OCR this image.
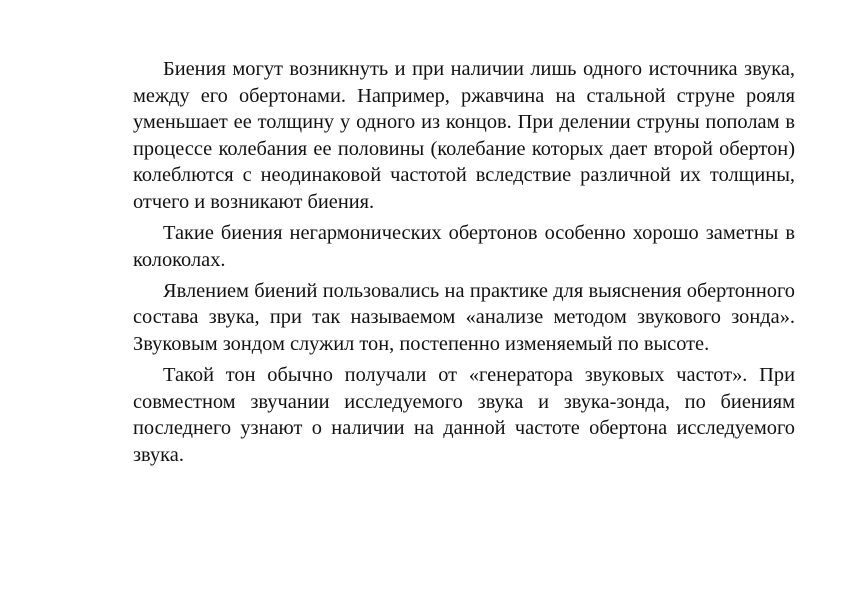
Биения могут возникнуть и при наличии лишь одного источника звука, между его обертонами. Например, ржавчина на стальной струне рояля уменьшает ее толщину у одного из концов. При делении струны пополам в процессе колебания ее половины (колебание которых дает второй обертон) колеблются с неодинаковой частотой вследствие различной их толщины, отчего и возникают биения.

Такие биения негармонических обертонов особенно хорошо заметны в колоколах.

Явлением биений пользовались на практике для выяснения обертонного состава звука, при так называемом «анализе методом звукового зонда». Звуковым зондом служил тон, постепенно изменяемый по высоте.

Такой тон обычно получали от «генератора звуковых частот». При совместном звучании исследуемого звука и звука-зонда, по биениям последнего узнают о наличии на данной частоте обертона исследуемого звука.
